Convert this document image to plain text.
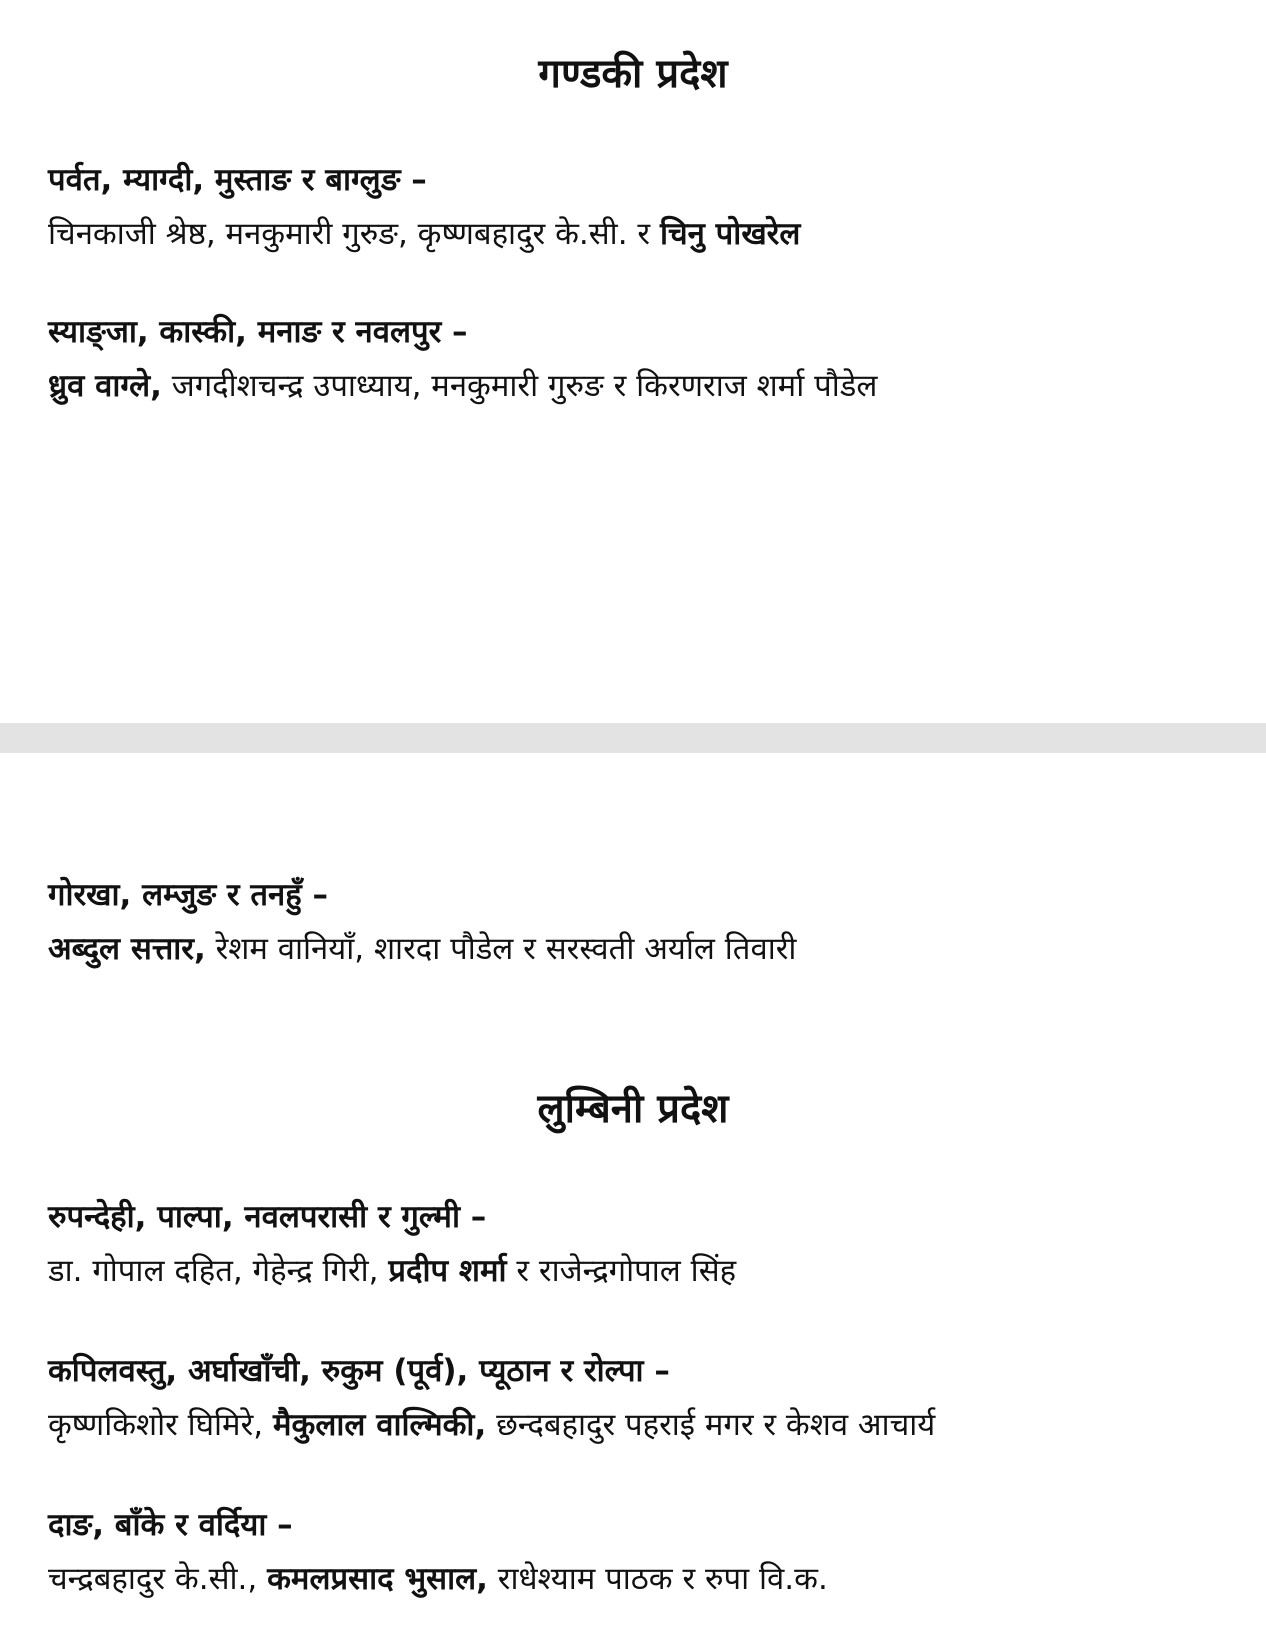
गण्डकी प्रदेश
पर्वत, म्याग्दी, मुस्ताङ र बाग्लुङ –
चिनकाजी श्रेष्ठ, मनकुमारी गुरुङ, कृष्णबहादुर के.सी. र चिनु पोखरेल
स्याङ्जा, कास्की, मनाङ र नवलपुर –
ध्रुव वाग्ले, जगदीशचन्द्र उपाध्याय, मनकुमारी गुरुङ र किरणराज शर्मा पौडेल
गोरखा, लम्जुङ र तनहुँ –
अब्दुल सत्तार, रेशम वानियाँ, शारदा पौडेल र सरस्वती अर्याल तिवारी
लुम्बिनी प्रदेश
रुपन्देही, पाल्पा, नवलपरासी र गुल्मी –
डा. गोपाल दहित, गेहेन्द्र गिरी, प्रदीप शर्मा र राजेन्द्रगोपाल सिंह
कपिलवस्तु, अर्घाखाँची, रुकुम (पूर्व), प्यूठान र रोल्पा –
कृष्णकिशोर घिमिरे, मैकुलाल वाल्मिकी, छन्दबहादुर पहराई मगर र केशव आचार्य
दाङ, बाँके र वर्दिया –
चन्द्रबहादुर के.सी., कमलप्रसाद भुसाल, राधेश्याम पाठक र रुपा वि.क.
